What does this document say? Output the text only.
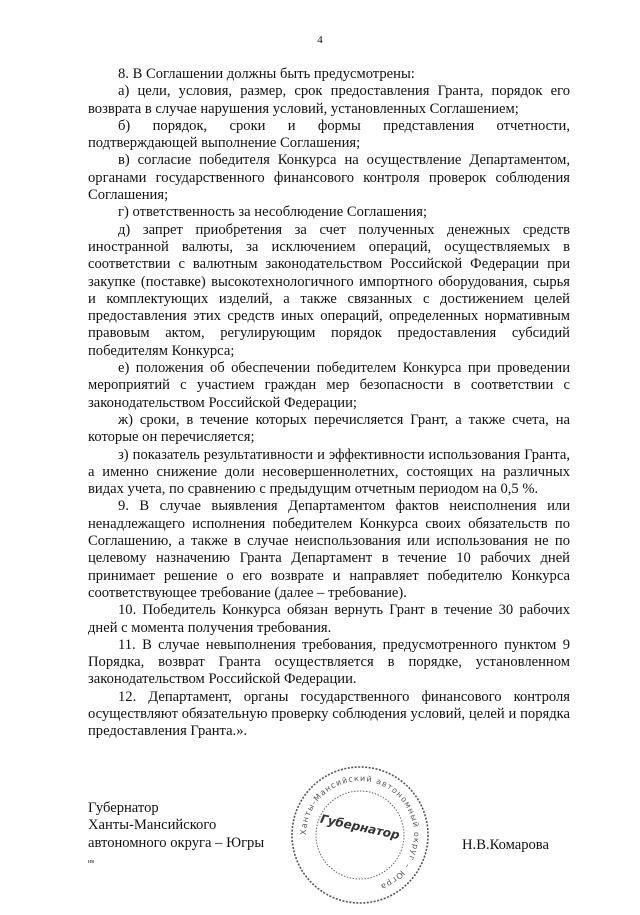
4

8. В Соглашении должны быть предусмотрены:

а) цели, условия, размер, срок предоставления Гранта, порядок его возврата в случае нарушения условий, установленных Соглашением;

б) порядок, сроки и формы представления отчетности, подтверждающей выполнение Соглашения;

в) согласие победителя Конкурса на осуществление Департаментом, органами государственного финансового контроля проверок соблюдения Соглашения;

г) ответственность за несоблюдение Соглашения;

д) запрет приобретения за счет полученных денежных средств иностранной валюты, за исключением операций, осуществляемых в соответствии с валютным законодательством Российской Федерации при закупке (поставке) высокотехнологичного импортного оборудования, сырья и комплектующих изделий, а также связанных с достижением целей предоставления этих средств иных операций, определенных нормативным правовым актом, регулирующим порядок предоставления субсидий победителям Конкурса;

е) положения об обеспечении победителем Конкурса при проведении мероприятий с участием граждан мер безопасности в соответствии с законодательством Российской Федерации;

ж) сроки, в течение которых перечисляется Грант, а также счета, на которые он перечисляется;

з) показатель результативности и эффективности использования Гранта, а именно снижение доли несовершеннолетних, состоящих на различных видах учета, по сравнению с предыдущим отчетным периодом на 0,5 %.

9. В случае выявления Департаментом фактов неисполнения или ненадлежащего исполнения победителем Конкурса своих обязательств по Соглашению, а также в случае неиспользования или использования не по целевому назначению Гранта Департамент в течение 10 рабочих дней принимает решение о его возврате и направляет победителю Конкурса соответствующее требование (далее – требование).

10. Победитель Конкурса обязан вернуть Грант в течение 30 рабочих дней с момента получения требования.

11. В случае невыполнения требования, предусмотренного пунктом 9 Порядка, возврат Гранта осуществляется в порядке, установленном законодательством Российской Федерации.

12. Департамент, органы государственного финансового контроля осуществляют обязательную проверку соблюдения условий, целей и порядка предоставления Гранта.».

Губернатор
Ханты-Мансийского
автономного округа – Югры
нв
Ханты-Мансийский автономный округ – Югра
Губернатор
Н.В.Комарова
